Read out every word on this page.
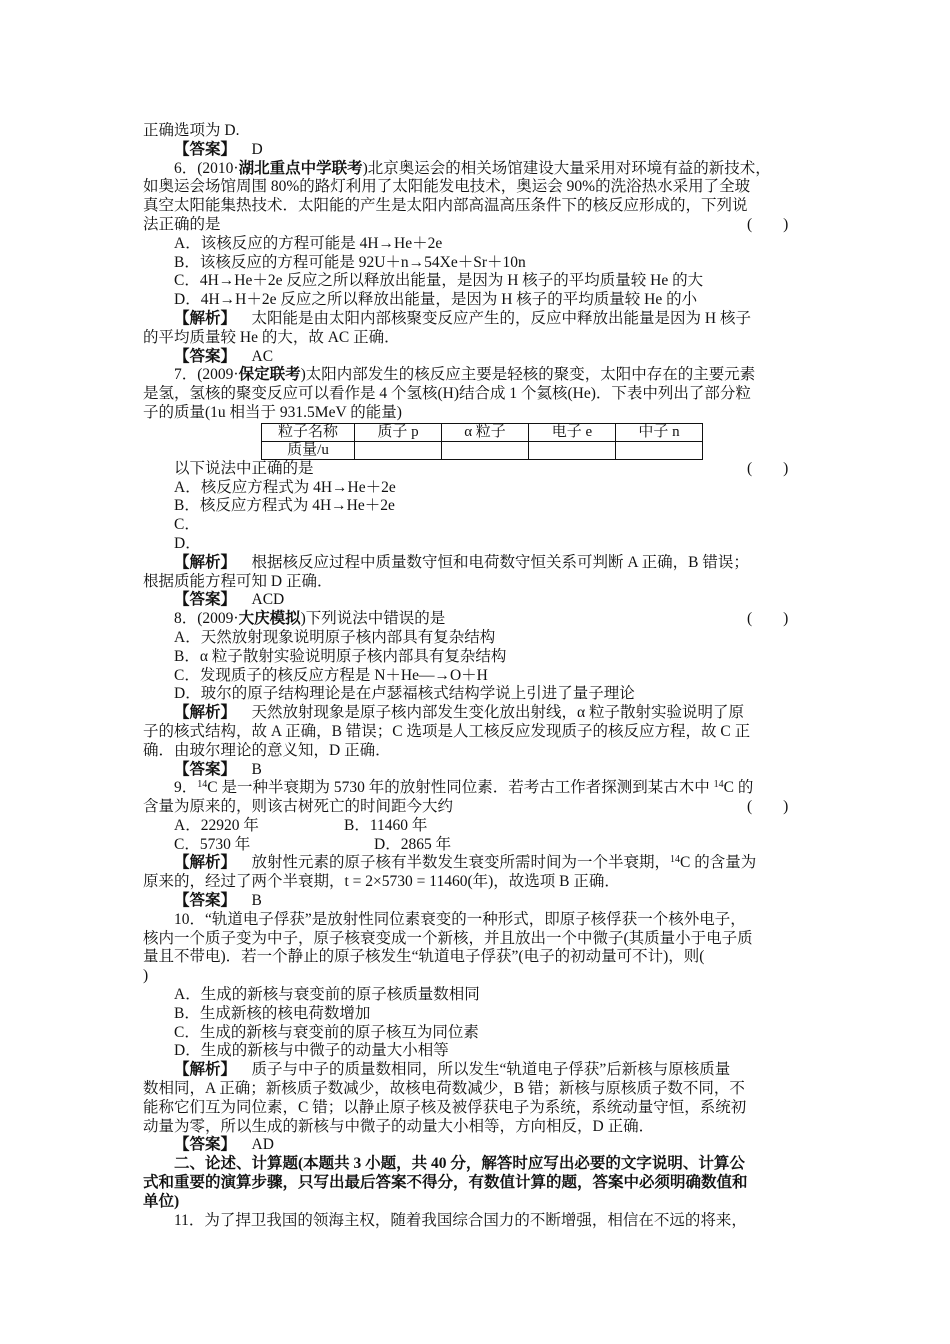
正确选项为 D.

【答案】  D

6．(2010·湖北重点中学联考)北京奥运会的相关场馆建设大量采用对环境有益的新技术，

如奥运会场馆周围 80%的路灯利用了太阳能发电技术，奥运会 90%的洗浴热水采用了全玻

真空太阳能集热技术．太阳能的产生是太阳内部高温高压条件下的核反应形成的，下列说

法正确的是	(　　)

A．该核反应的方程可能是 4H→He＋2e

B．该核反应的方程可能是 92U＋n→54Xe＋Sr＋10n

C．4H→He＋2e 反应之所以释放出能量，是因为 H 核子的平均质量较 He 的大

D．4H→H＋2e 反应之所以释放出能量，是因为 H 核子的平均质量较 He 的小

【解析】  太阳能是由太阳内部核聚变反应产生的，反应中释放出能量是因为 H 核子

的平均质量较 He 的大，故 AC 正确．

【答案】  AC

7．(2009·保定联考)太阳内部发生的核反应主要是轻核的聚变，太阳中存在的主要元素

是氢，氢核的聚变反应可以看作是 4 个氢核(H)结合成 1 个氦核(He)．下表中列出了部分粒

子的质量(1u 相当于 931.5MeV 的能量)

粒子名称	质子 p	α 粒子	电子 e	中子 n
质量/u				
以下说法中正确的是	(　　)

A．核反应方程式为 4H→He＋2e

B．核反应方程式为 4H→He＋2e

C．

D．

【解析】  根据核反应过程中质量数守恒和电荷数守恒关系可判断 A 正确，B 错误；

根据质能方程可知 D 正确．

【答案】  ACD

8．(2009·大庆模拟)下列说法中错误的是	(　　)

A．天然放射现象说明原子核内部具有复杂结构

B．α 粒子散射实验说明原子核内部具有复杂结构

C．发现质子的核反应方程是 N＋He―→O＋H

D．玻尔的原子结构理论是在卢瑟福核式结构学说上引进了量子理论

【解析】  天然放射现象是原子核内部发生变化放出射线，α 粒子散射实验说明了原

子的核式结构，故 A 正确，B 错误；C 选项是人工核反应发现质子的核反应方程，故 C 正

确．由玻尔理论的意义知，D 正确．

【答案】  B

9．$^{14}$C 是一种半衰期为 5730 年的放射性同位素．若考古工作者探测到某古木中 $^{14}$C 的

含量为原来的，则该古树死亡的时间距今大约	(　　)
A．22920 年	B．11460 年
C．5730 年	D．2865 年

【解析】  放射性元素的原子核有半数发生衰变所需时间为一个半衰期，$^{14}$C 的含量为

原来的，经过了两个半衰期，t = 2×5730 = 11460(年)，故选项 B 正确．

【答案】  B

10．“轨道电子俘获”是放射性同位素衰变的一种形式，即原子核俘获一个核外电子，

核内一个质子变为中子，原子核衰变成一个新核，并且放出一个中微子(其质量小于电子质

量且不带电)．若一个静止的原子核发生“轨道电子俘获”(电子的初动量可不计)，则(

)

A．生成的新核与衰变前的原子核质量数相同

B．生成新核的核电荷数增加

C．生成的新核与衰变前的原子核互为同位素

D．生成的新核与中微子的动量大小相等

【解析】  质子与中子的质量数相同，所以发生“轨道电子俘获”后新核与原核质量

数相同，A 正确；新核质子数减少，故核电荷数减少，B 错；新核与原核质子数不同，不

能称它们互为同位素，C 错；以静止原子核及被俘获电子为系统，系统动量守恒，系统初

动量为零，所以生成的新核与中微子的动量大小相等，方向相反，D 正确．

【答案】  AD

二、论述、计算题(本题共 3 小题，共 40 分，解答时应写出必要的文字说明、计算公

式和重要的演算步骤，只写出最后答案不得分，有数值计算的题，答案中必须明确数值和

单位)

11．为了捍卫我国的领海主权，随着我国综合国力的不断增强，相信在不远的将来，
